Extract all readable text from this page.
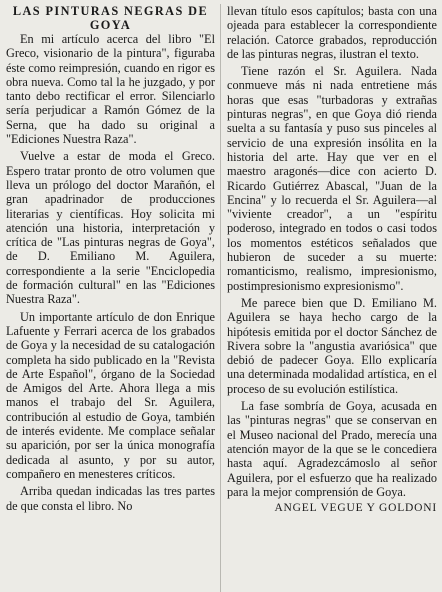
LAS PINTURAS NEGRAS DE GOYA

En mi artículo acerca del libro "El Greco, visionario de la pintura", figuraba éste como reimpresión, cuando en rigor es obra nueva. Como tal la he juzgado, y por tanto debo rectificar el error. Silenciarlo sería perjudicar a Ramón Gómez de la Serna, que ha dado su original a "Ediciones Nuestra Raza".

Vuelve a estar de moda el Greco. Espero tratar pronto de otro volumen que lleva un prólogo del doctor Marañón, el gran apadrinador de producciones literarias y científicas. Hoy solicita mi atención una historia, interpretación y crítica de "Las pinturas negras de Goya", de D. Emiliano M. Aguilera, correspondiente a la serie "Enciclopedia de formación cultural" en las "Ediciones Nuestra Raza".

Un importante artículo de don Enrique Lafuente y Ferrari acerca de los grabados de Goya y la necesidad de su catalogación completa ha sido publicado en la "Revista de Arte Español", órgano de la Sociedad de Amigos del Arte. Ahora llega a mis manos el trabajo del Sr. Aguilera, contribución al estudio de Goya, también de interés evidente. Me complace señalar su aparición, por ser la única monografía dedicada al asunto, y por su autor, compañero en menesteres críticos.

Arriba quedan indicadas las tres partes de que consta el libro. No

llevan título esos capítulos; basta con una ojeada para establecer la correspondiente relación. Catorce grabados, reproducción de las pinturas negras, ilustran el texto.

Tiene razón el Sr. Aguilera. Nada conmueve más ni nada entretiene más horas que esas "turbadoras y extrañas pinturas negras", en que Goya dió rienda suelta a su fantasía y puso sus pinceles al servicio de una expresión insólita en la historia del arte. Hay que ver en el maestro aragonés—dice con acierto D. Ricardo Gutiérrez Abascal, "Juan de la Encina" y lo recuerda el Sr. Aguilera—al "viviente creador", a un "espíritu poderoso, integrado en todos o casi todos los momentos estéticos señalados que hubieron de suceder a su muerte: romanticismo, realismo, impresionismo, postimpresionismo expresionismo".

Me parece bien que D. Emiliano M. Aguilera se haya hecho cargo de la hipótesis emitida por el doctor Sánchez de Rivera sobre la "angustia avariósica" que debió de padecer Goya. Ello explicaría una determinada modalidad artística, en el proceso de su evolución estilística.

La fase sombría de Goya, acusada en las "pinturas negras" que se conservan en el Museo nacional del Prado, merecía una atención mayor de la que se le concediera hasta aquí. Agradezcámoslo al señor Aguilera, por el esfuerzo que ha realizado para la mejor comprensión de Goya.

ANGEL VEGUE Y GOLDONI
